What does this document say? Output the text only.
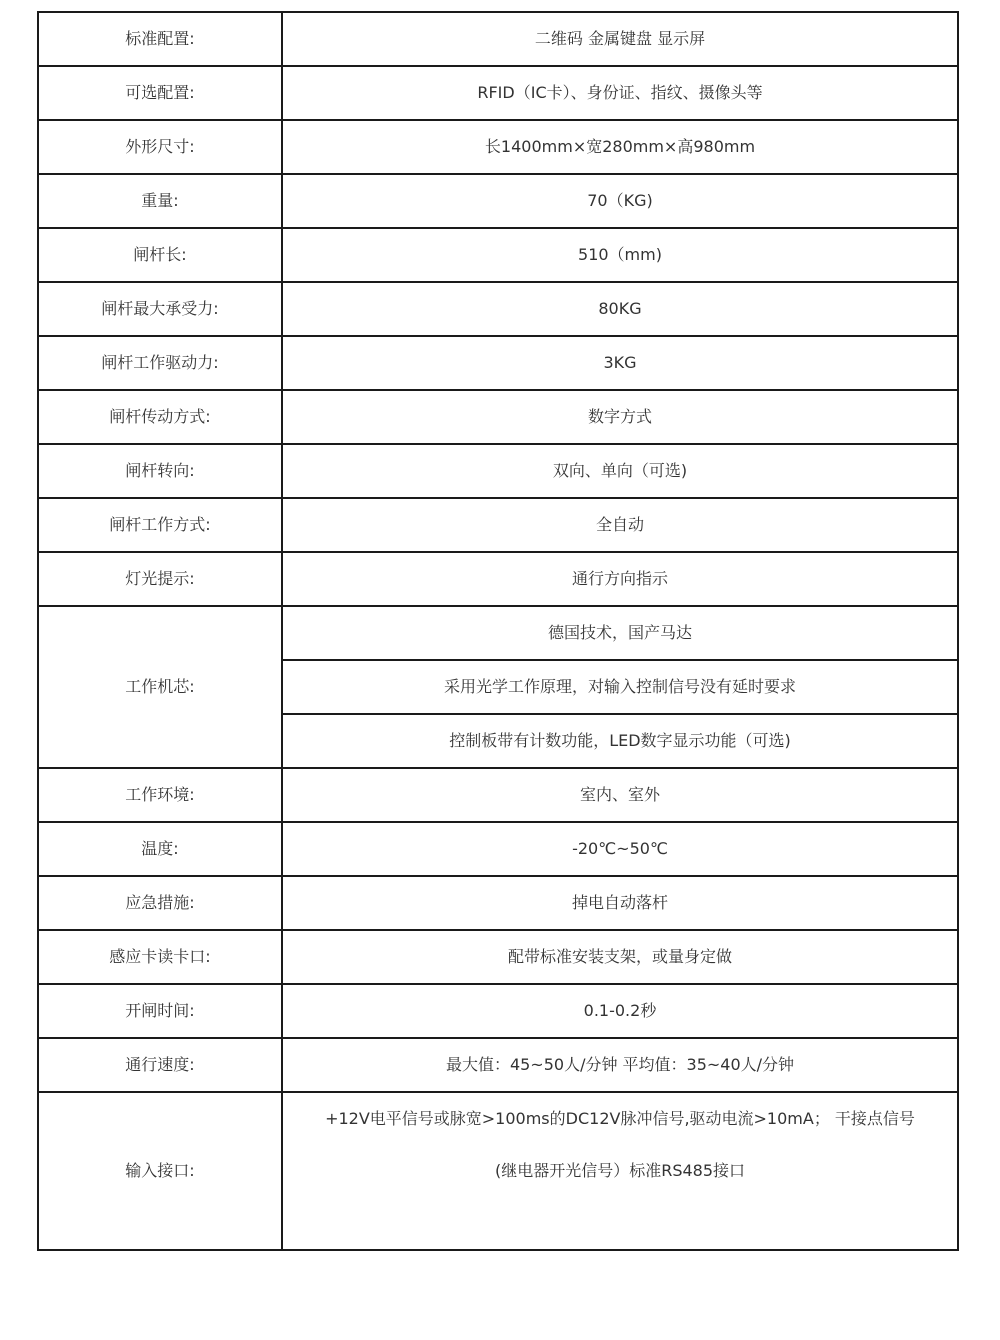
标准配置:	二维码 金属键盘 显示屏
可选配置:	RFID（IC卡）、身份证、指纹、摄像头等
外形尺寸:	长1400mm×宽280mm×高980mm
重量:	70（KG)
闸杆长:	510（mm)
闸杆最大承受力:	80KG
闸杆工作驱动力:	3KG
闸杆传动方式:	数字方式
闸杆转向:	双向、单向（可选)
闸杆工作方式:	全自动
灯光提示:	通行方向指示
工作机芯:	德国技术，国产马达
	采用光学工作原理，对输入控制信号没有延时要求
	控制板带有计数功能，LED数字显示功能（可选)
工作环境:	室内、室外
温度:	-20℃~50℃
应急措施:	掉电自动落杆
感应卡读卡口:	配带标准安装支架，或量身定做
开闸时间:	0.1-0.2秒
通行速度:	最大值：45~50人/分钟 平均值：35~40人/分钟
输入接口:	+12V电平信号或脉宽>100ms的DC12V脉冲信号,驱动电流>10mA； 干接点信号
(继电器开光信号）标准RS485接口
